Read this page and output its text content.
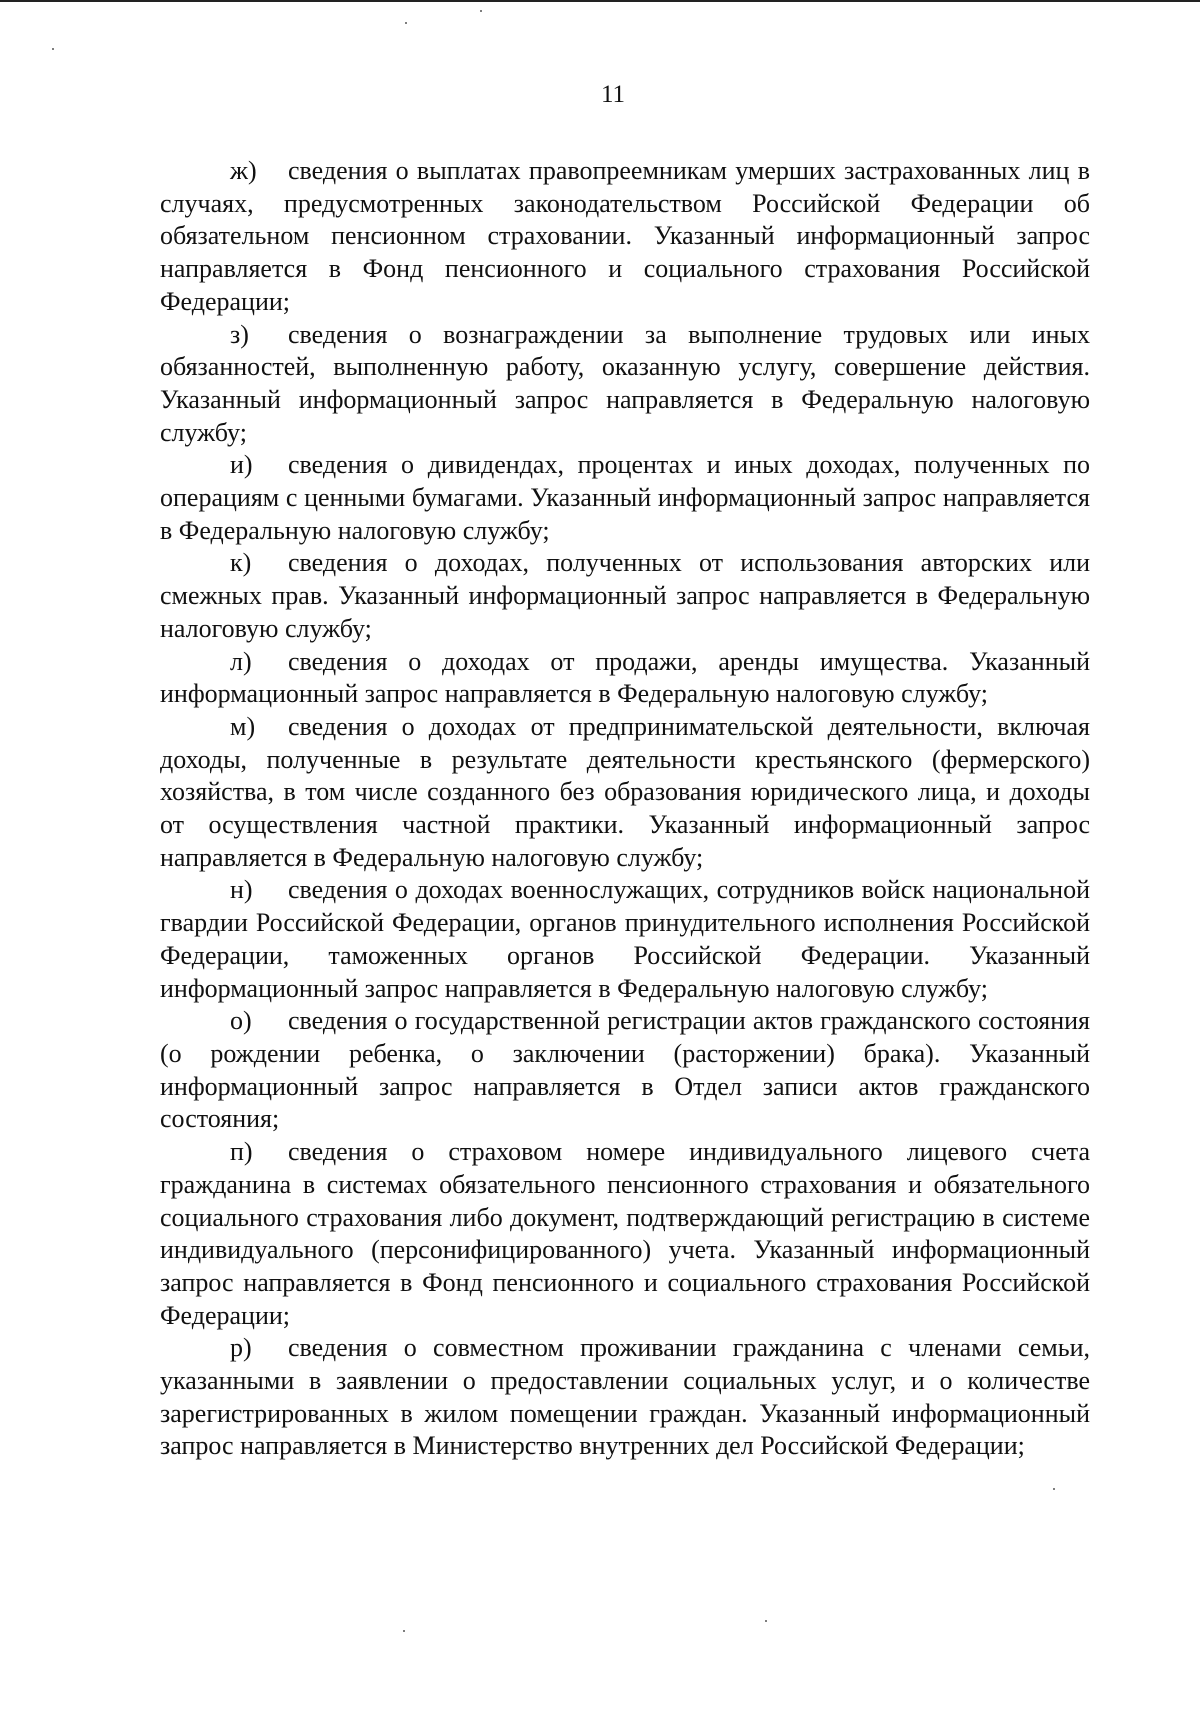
11

ж) сведения о выплатах правопреемникам умерших застрахованных лиц в случаях, предусмотренных законодательством Российской Федерации об обязательном пенсионном страховании. Указанный информационный запрос направляется в Фонд пенсионного и социального страхования Российской Федерации;

з) сведения о вознаграждении за выполнение трудовых или иных обязанностей, выполненную работу, оказанную услугу, совершение действия. Указанный информационный запрос направляется в Федеральную налоговую службу;

и) сведения о дивидендах, процентах и иных доходах, полученных по операциям с ценными бумагами. Указанный информационный запрос направляется в Федеральную налоговую службу;

к) сведения о доходах, полученных от использования авторских или смежных прав. Указанный информационный запрос направляется в Федеральную налоговую службу;

л) сведения о доходах от продажи, аренды имущества. Указанный информационный запрос направляется в Федеральную налоговую службу;

м) сведения о доходах от предпринимательской деятельности, включая доходы, полученные в результате деятельности крестьянского (фермерского) хозяйства, в том числе созданного без образования юридического лица, и доходы от осуществления частной практики. Указанный информационный запрос направляется в Федеральную налоговую службу;

н) сведения о доходах военнослужащих, сотрудников войск национальной гвардии Российской Федерации, органов принудительного исполнения Российской Федерации, таможенных органов Российской Федерации. Указанный информационный запрос направляется в Федеральную налоговую службу;

о) сведения о государственной регистрации актов гражданского состояния (о рождении ребенка, о заключении (расторжении) брака). Указанный информационный запрос направляется в Отдел записи актов гражданского состояния;

п) сведения о страховом номере индивидуального лицевого счета гражданина в системах обязательного пенсионного страхования и обязательного социального страхования либо документ, подтверждающий регистрацию в системе индивидуального (персонифицированного) учета. Указанный информационный запрос направляется в Фонд пенсионного и социального страхования Российской Федерации;

р) сведения о совместном проживании гражданина с членами семьи, указанными в заявлении о предоставлении социальных услуг, и о количестве зарегистрированных в жилом помещении граждан. Указанный информационный запрос направляется в Министерство внутренних дел Российской Федерации;
